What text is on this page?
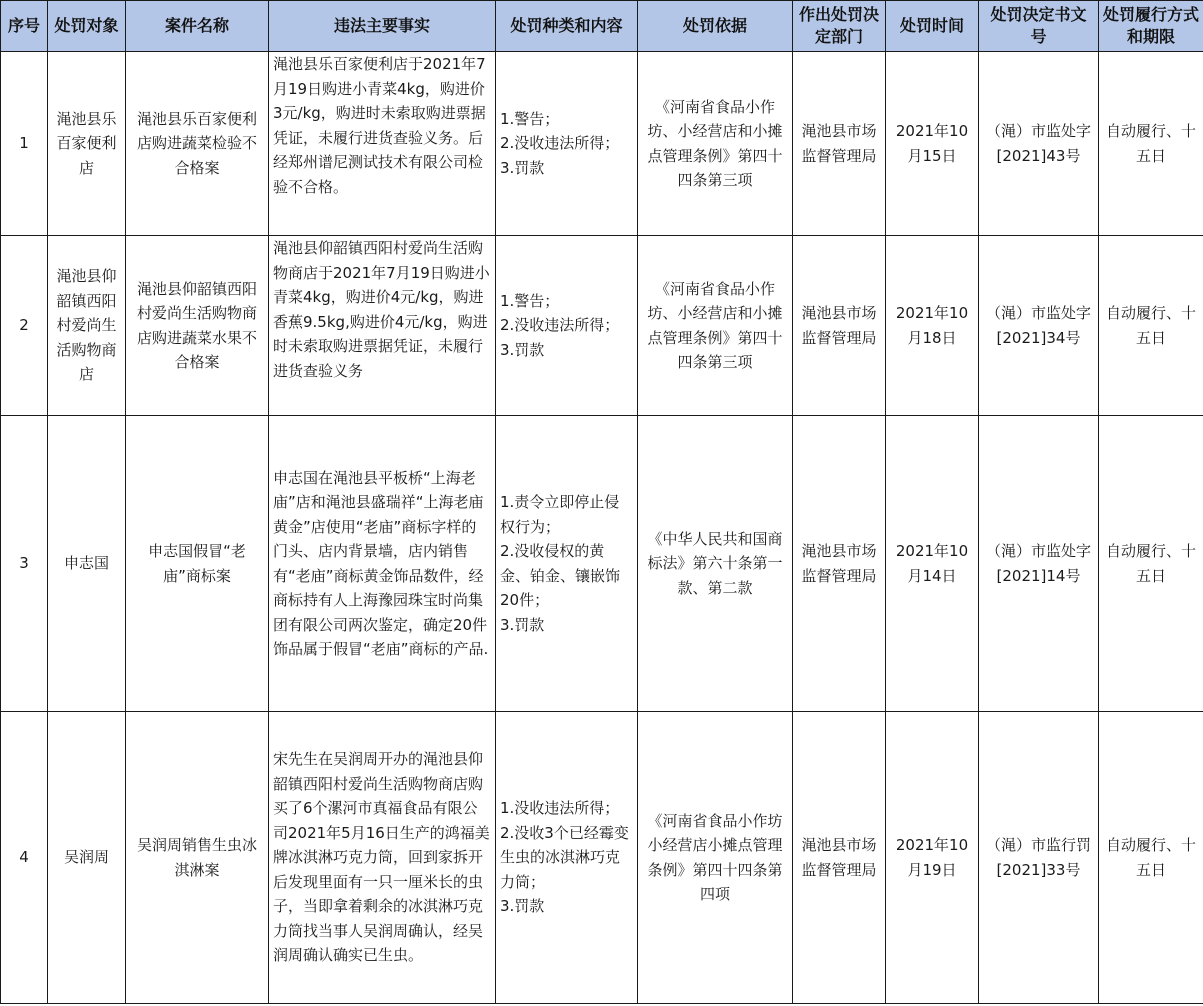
序号	处罚对象	案件名称	违法主要事实	处罚种类和内容	处罚依据	作出处罚决定部门	处罚时间	处罚决定书文号	处罚履行方式和期限
1	渑池县乐百家便利店	渑池县乐百家便利店购进蔬菜检验不合格案	渑池县乐百家便利店于2021年7月19日购进小青菜4kg，购进价3元/kg，购进时未索取购进票据凭证，未履行进货查验义务。后经郑州谱尼测试技术有限公司检验不合格。	1.警告；
2.没收违法所得；
3.罚款	《河南省食品小作坊、小经营店和小摊点管理条例》第四十四条第三项	渑池县市场监督管理局	2021年10月15日	（渑）市监处字[2021]43号	自动履行、十五日
2	渑池县仰韶镇西阳村爱尚生活购物商店	渑池县仰韶镇西阳村爱尚生活购物商店购进蔬菜水果不合格案	渑池县仰韶镇西阳村爱尚生活购物商店于2021年7月19日购进小青菜4kg，购进价4元/kg，购进香蕉9.5kg,购进价4元/kg，购进时未索取购进票据凭证，未履行进货查验义务	1.警告；
2.没收违法所得；
3.罚款	《河南省食品小作坊、小经营店和小摊点管理条例》第四十四条第三项	渑池县市场监督管理局	2021年10月18日	（渑）市监处字[2021]34号	自动履行、十五日
3	申志国	申志国假冒“老庙”商标案	申志国在渑池县平板桥“上海老庙”店和渑池县盛瑞祥“上海老庙黄金”店使用“老庙”商标字样的门头、店内背景墙，店内销售有“老庙”商标黄金饰品数件，经商标持有人上海豫园珠宝时尚集团有限公司两次鉴定，确定20件饰品属于假冒“老庙”商标的产品.	1.责令立即停止侵权行为；
2.没收侵权的黄金、铂金、镶嵌饰20件；
3.罚款	《中华人民共和国商标法》第六十条第一款、第二款	渑池县市场监督管理局	2021年10月14日	（渑）市监处字[2021]14号	自动履行、十五日
4	吴润周	吴润周销售生虫冰淇淋案	宋先生在吴润周开办的渑池县仰韶镇西阳村爱尚生活购物商店购买了6个漯河市真福食品有限公司2021年5月16日生产的鸿福美牌冰淇淋巧克力筒，回到家拆开后发现里面有一只一厘米长的虫子，当即拿着剩余的冰淇淋巧克力筒找当事人吴润周确认，经吴润周确认确实已生虫。	1.没收违法所得；
2.没收3个已经霉变生虫的冰淇淋巧克力筒；
3.罚款	《河南省食品小作坊小经营店小摊点管理条例》第四十四条第四项	渑池县市场监督管理局	2021年10月19日	（渑）市监行罚[2021]33号	自动履行、十五日
